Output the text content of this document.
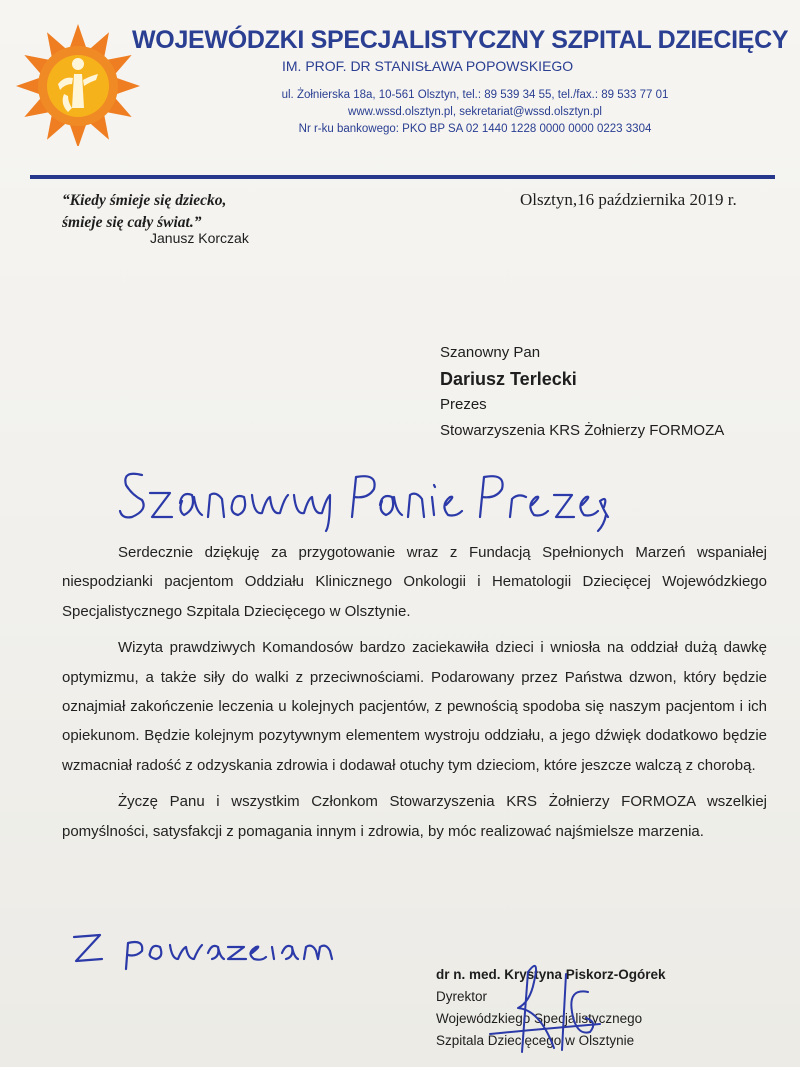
WOJEWÓDZKI SPECJALISTYCZNY SZPITAL DZIECIĘCY
IM. PROF. DR STANISŁAWA POPOWSKIEGO
ul. Żołnierska 18a, 10-561 Olsztyn, tel.: 89 539 34 55, tel./fax.: 89 533 77 01
www.wssd.olsztyn.pl, sekretariat@wssd.olsztyn.pl
Nr r-ku bankowego: PKO BP SA 02 1440 1228 0000 0000 0223 3304
“Kiedy śmieje się dziecko,
śmieje się cały świat.”
Janusz Korczak
Olsztyn,16 października 2019 r.
Szanowny Pan
Dariusz Terlecki
Prezes
Stowarzyszenia KRS Żołnierzy FORMOZA

Serdecznie dziękuję za przygotowanie wraz z Fundacją Spełnionych Marzeń wspaniałej niespodzianki pacjentom Oddziału Klinicznego Onkologii i Hematologii Dziecięcej Wojewódzkiego Specjalistycznego Szpitala Dziecięcego w Olsztynie.

Wizyta prawdziwych Komandosów bardzo zaciekawiła dzieci i wniosła na oddział dużą dawkę optymizmu, a także siły do walki z przeciwnościami. Podarowany przez Państwa dzwon, który będzie oznajmiał zakończenie leczenia u kolejnych pacjentów, z pewnością spodoba się naszym pacjentom i ich opiekunom. Będzie kolejnym pozytywnym elementem wystroju oddziału, a jego dźwięk dodatkowo będzie wzmacniał radość z odzyskania zdrowia i dodawał otuchy tym dzieciom, które jeszcze walczą z chorobą.

Życzę Panu i wszystkim Członkom Stowarzyszenia KRS Żołnierzy FORMOZA wszelkiej pomyślności, satysfakcji z pomagania innym i zdrowia, by móc realizować najśmielsze marzenia.

dr n. med. Krystyna Piskorz-Ogórek
Dyrektor
Wojewódzkiego Specjalistycznego
Szpitala Dziecięcego w Olsztynie
